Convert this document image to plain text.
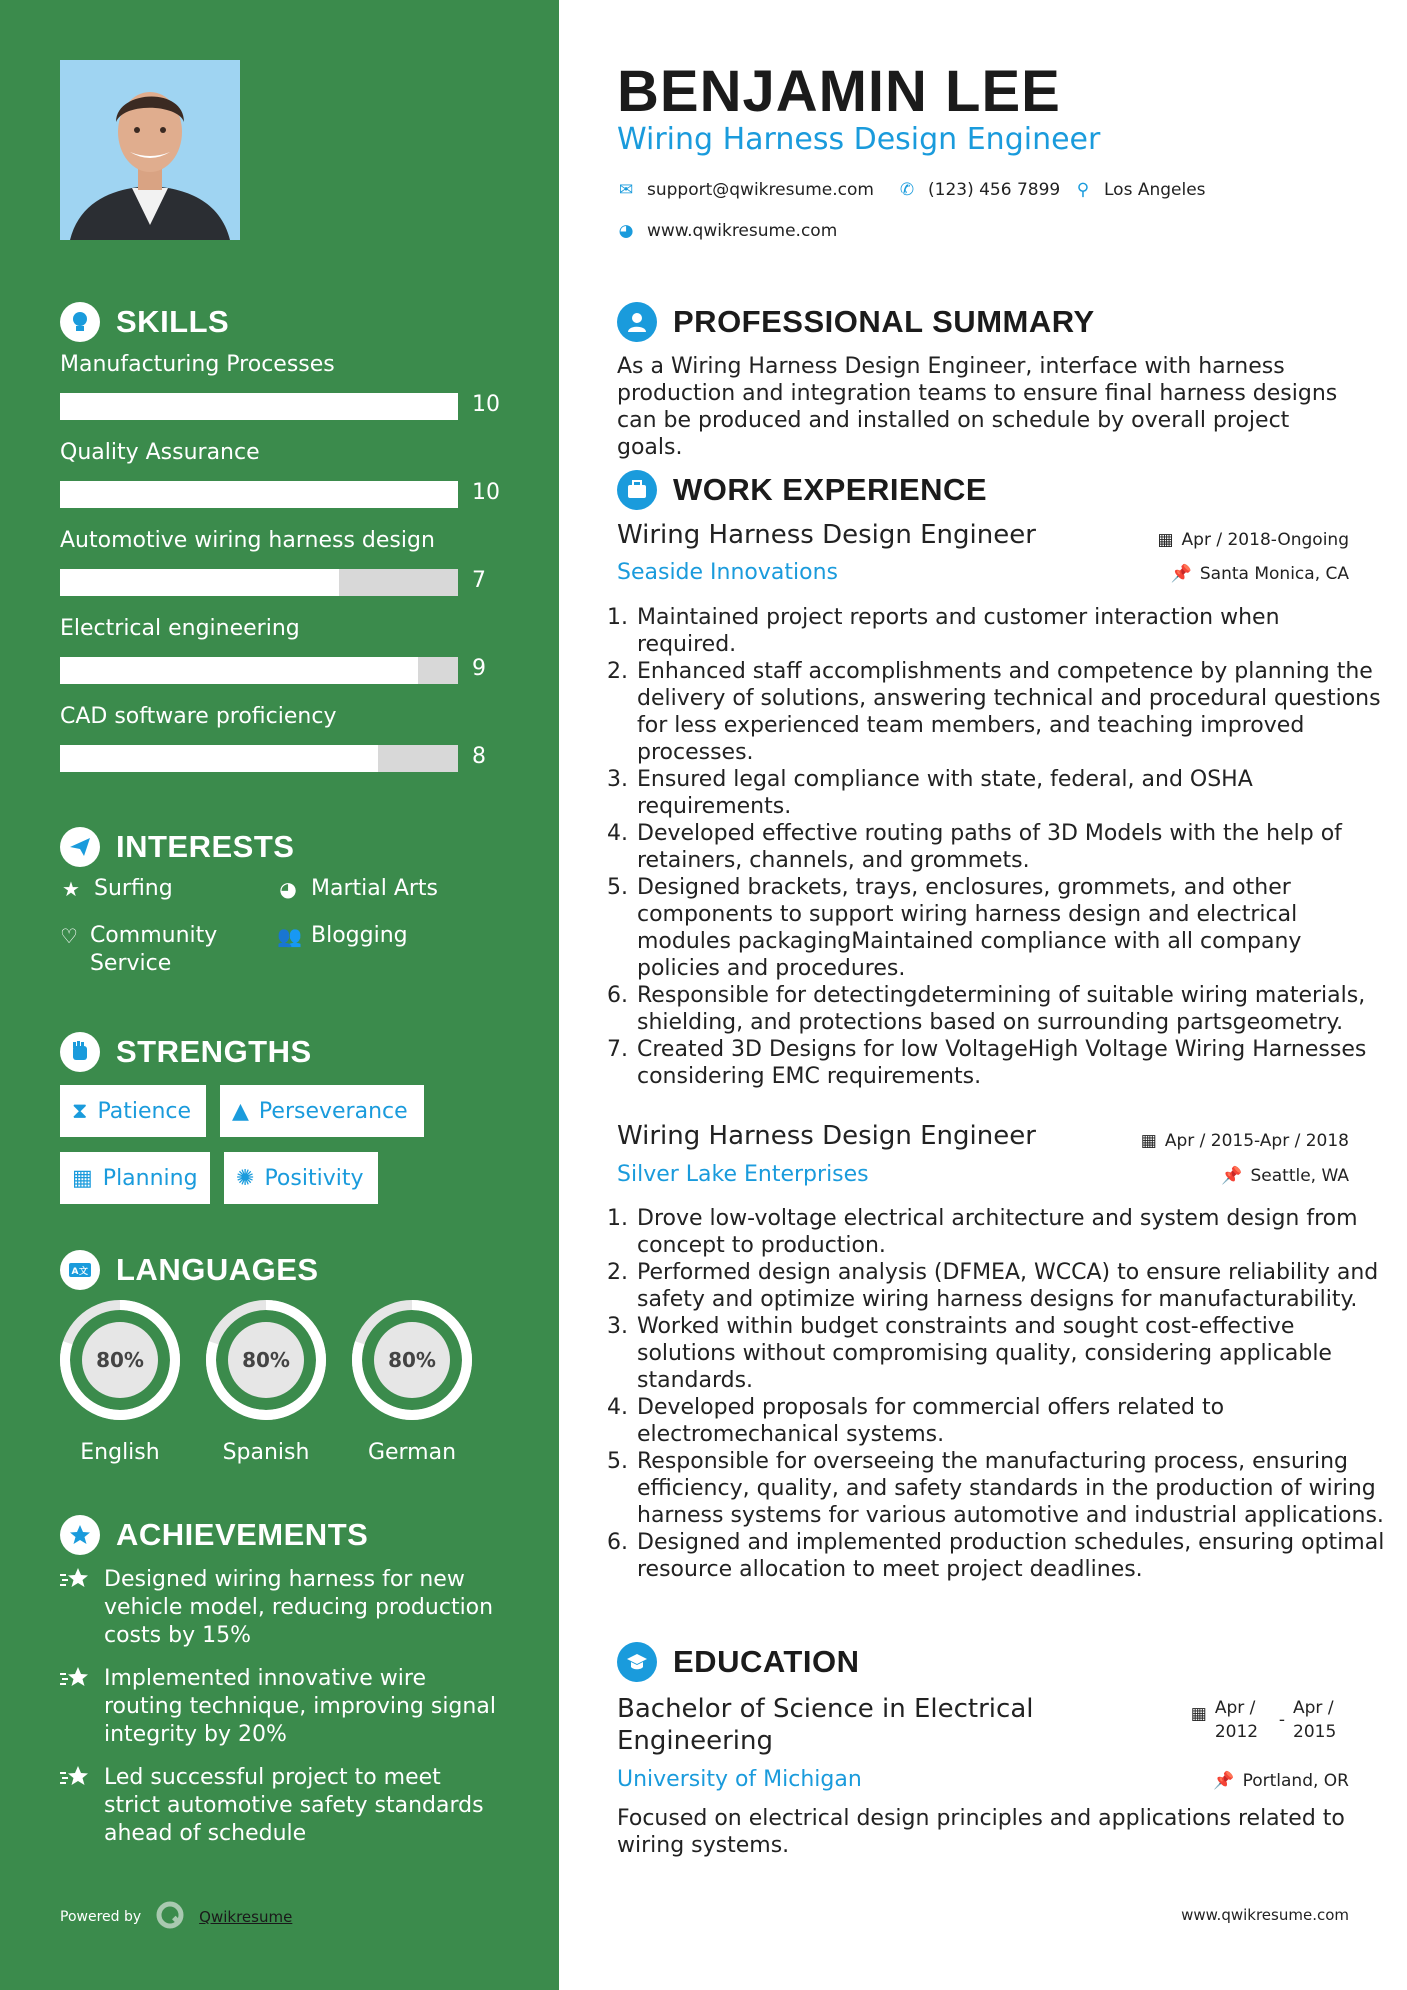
SKILLS
Manufacturing Processes
10
Quality Assurance
10
Automotive wiring harness design
7
Electrical engineering
9
CAD software proficiency
8
INTERESTS
★ Surfing	◕ Martial Arts
♡ Community Service
👥 Blogging
STRENGTHS
⧗ Patience ▲ Perseverance
▦ Planning ✺ Positivity
A文 LANGUAGES
80%
English
80%
Spanish
80%
German
ACHIEVEMENTS
Designed wiring harness for new vehicle model, reducing production costs by 15%
Implemented innovative wire routing technique, improving signal integrity by 20%
Led successful project to meet strict automotive safety standards ahead of schedule
Powered by	Qwikresume
BENJAMIN LEE
Wiring Harness Design Engineer
✉ support@qwikresume.com ✆ (123) 456 7899 ⚲ Los Angeles
◕ www.qwikresume.com
PROFESSIONAL SUMMARY
As a Wiring Harness Design Engineer, interface with harness production and integration teams to ensure final harness designs can be produced and installed on schedule by overall project goals.
WORK EXPERIENCE
Wiring Harness Design Engineer	▦ Apr / 2018-Ongoing
Seaside Innovations	📌 Santa Monica, CA
1. Maintained project reports and customer interaction when required.
2. Enhanced staff accomplishments and competence by planning the delivery of solutions, answering technical and procedural questions for less experienced team members, and teaching improved processes.
3. Ensured legal compliance with state, federal, and OSHA requirements.
4. Developed effective routing paths of 3D Models with the help of retainers, channels, and grommets.
5. Designed brackets, trays, enclosures, grommets, and other components to support wiring harness design and electrical modules packagingMaintained compliance with all company policies and procedures.
6. Responsible for detectingdetermining of suitable wiring materials, shielding, and protections based on surrounding partsgeometry.
7. Created 3D Designs for low VoltageHigh Voltage Wiring Harnesses considering EMC requirements.
Wiring Harness Design Engineer	▦ Apr / 2015-Apr / 2018
Silver Lake Enterprises	📌 Seattle, WA
1. Drove low-voltage electrical architecture and system design from concept to production.
2. Performed design analysis (DFMEA, WCCA) to ensure reliability and safety and optimize wiring harness designs for manufacturability.
3. Worked within budget constraints and sought cost-effective solutions without compromising quality, considering applicable standards.
4. Developed proposals for commercial offers related to electromechanical systems.
5. Responsible for overseeing the manufacturing process, ensuring efficiency, quality, and safety standards in the production of wiring harness systems for various automotive and industrial applications.
6. Designed and implemented production schedules, ensuring optimal resource allocation to meet project deadlines.
EDUCATION
Bachelor of Science in Electrical Engineering
▦ Apr / 2012
-
Apr / 2015
University of Michigan	📌 Portland, OR
Focused on electrical design principles and applications related to wiring systems.
www.qwikresume.com
